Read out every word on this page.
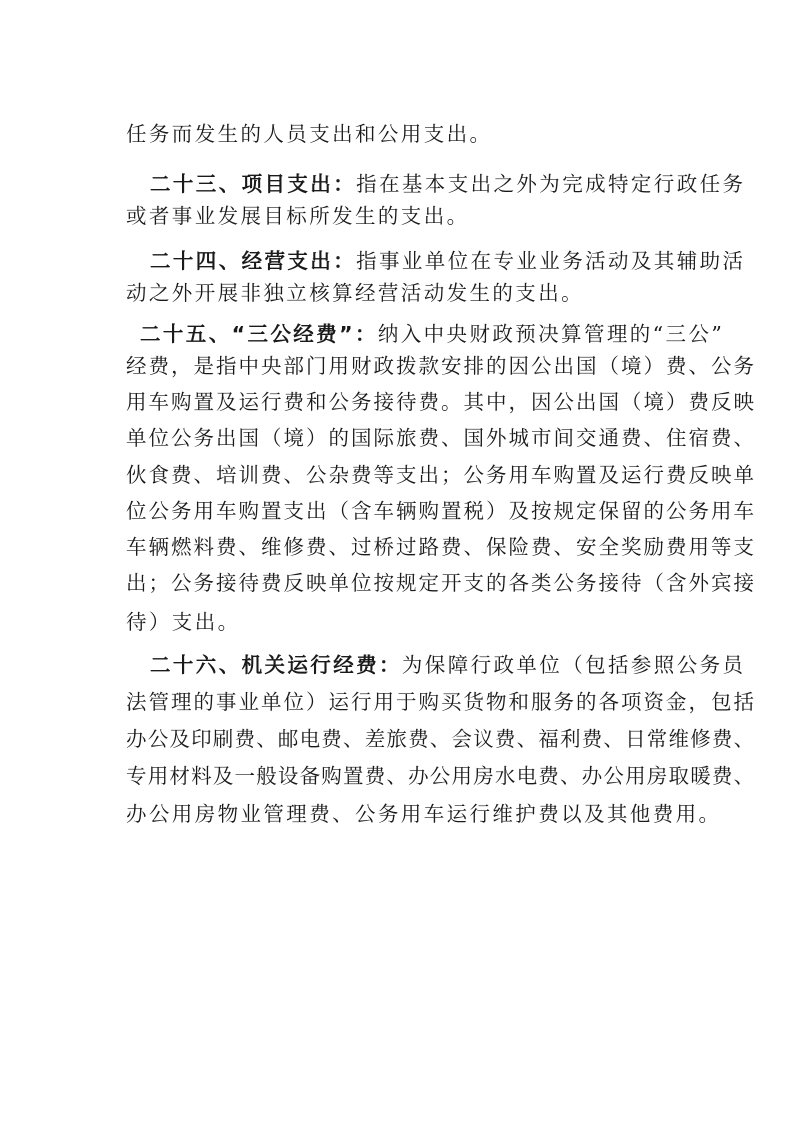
任务而发生的人员支出和公用支出。
二十三、项目支出：指在基本支出之外为完成特定行政任务
或者事业发展目标所发生的支出。
二十四、经营支出：指事业单位在专业业务活动及其辅助活
动之外开展非独立核算经营活动发生的支出。
二十五、“三公经费”：纳入中央财政预决算管理的“三公”
经费，是指中央部门用财政拨款安排的因公出国（境）费、公务
用车购置及运行费和公务接待费。其中，因公出国（境）费反映
单位公务出国（境）的国际旅费、国外城市间交通费、住宿费、
伙食费、培训费、公杂费等支出；公务用车购置及运行费反映单
位公务用车购置支出（含车辆购置税）及按规定保留的公务用车
车辆燃料费、维修费、过桥过路费、保险费、安全奖励费用等支
出；公务接待费反映单位按规定开支的各类公务接待（含外宾接
待）支出。
二十六、机关运行经费：为保障行政单位（包括参照公务员
法管理的事业单位）运行用于购买货物和服务的各项资金，包括
办公及印刷费、邮电费、差旅费、会议费、福利费、日常维修费、
专用材料及一般设备购置费、办公用房水电费、办公用房取暖费、
办公用房物业管理费、公务用车运行维护费以及其他费用。
